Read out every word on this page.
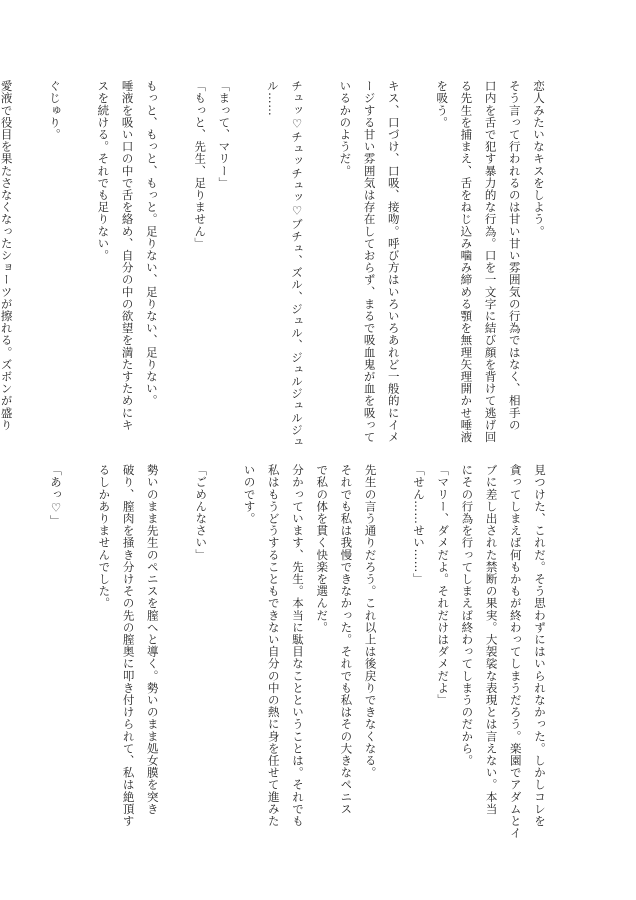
恋人みたいなキスをしよう。
そう言って行われるのは甘い甘い雰囲気の行為ではなく、相手の
口内を舌で犯す暴力的な行為。口を一文字に結び顔を背けて逃げ回
る先生を捕まえ、舌をねじ込み噛み締める顎を無理矢理開かせ唾液
を吸う。
キス、口づけ、口吸、接吻。呼び方はいろいろあれど一般的にイメ
ージする甘い雰囲気は存在しておらず、まるで吸血鬼が血を吸って
いるかのようだ。
チュッ♡チュッチュッ♡ブチュ、ズル、ジュル、ジュルジュルジュ
ル……
「まって、マリー」
「もっと、先生、足りません」
もっと、もっと、もっと。足りない、足りない、足りない。
唾液を吸い口の中で舌を絡め、自分の中の欲望を満たすためにキ
スを続ける。それでも足りない。
ぐじゅり。
愛液で役目を果たさなくなったショーツが擦れる。ズボンが盛り
見つけた、これだ。そう思わずにはいられなかった。しかしコレを
貪ってしまえば何もかもが終わってしまうだろう。楽園でアダムとイ
ブに差し出された禁断の果実。大袈裟な表現とは言えない。本当
にその行為を行ってしまえば終わってしまうのだから。
「マリー、ダメだよ。それだけはダメだよ」
「せん……せい……」
先生の言う通りだろう。これ以上は後戻りできなくなる。
それでも私は我慢できなかった。それでも私はその大きなペニス
で私の体を貫く快楽を選んだ。
分かっています、先生。本当に駄目なことということは。それでも
私はもうどうすることもできない自分の中の熱に身を任せて進みた
いのです。
「ごめんなさい」
勢いのまま先生のペニスを膣へと導く。勢いのまま処女膜を突き
破り、膣肉を掻き分けその先の膣奥に叩き付けられて、私は絶頂す
るしかありませんでした。
「あっ♡」
